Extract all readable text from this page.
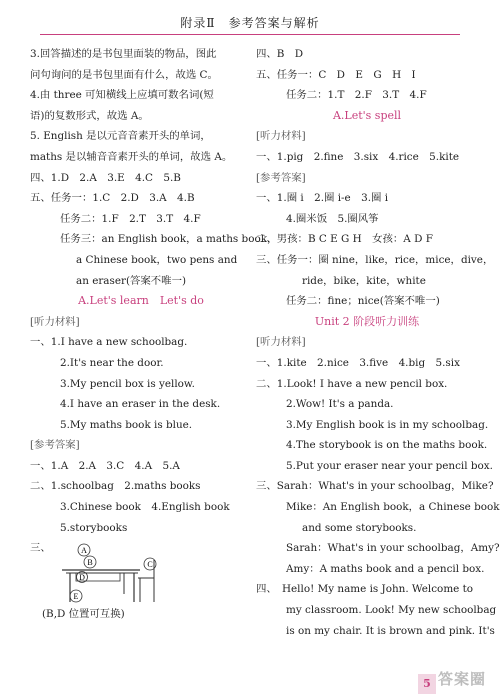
附录Ⅱ　参考答案与解析
3.回答描述的是书包里面装的物品，图此
问句询问的是书包里面有什么，故选 C。
4.由 three 可知横线上应填可数名词(短
语)的复数形式，故选 A。
5. English 是以元音音素开头的单词，
maths 是以辅音音素开头的单词，故选 A。
四、1.D　2.A　3.E　4.C　5.B
五、任务一：1.C　2.D　3.A　4.B
任务二：1.F　2.T　3.T　4.F
任务三：an English book，a maths book，
a Chinese book，two pens and
an eraser(答案不唯一)
A.Let's learn　Let's do
[听力材料]
一、1.I have a new schoolbag.
2.It's near the door.
3.My pencil box is yellow.
4.I have an eraser in the desk.
5.My maths book is blue.
[参考答案]
一、1.A　2.A　3.C　4.A　5.A
二、1.schoolbag　2.maths books
3.Chinese book　4.English book
5.storybooks
三、	A
B	C
D
E
(B,D 位置可互换)
四、B　D
五、任务一：C　D　E　G　H　I
任务二：1.T　2.F　3.T　4.F
A.Let's spell
[听力材料]
一、1.pig　2.fine　3.six　4.rice　5.kite
[参考答案]
一、1.圈 i　2.圈 i-e　3.圈 i
4.圈米饭　5.圈风筝
二、男孩：B C E G H　女孩：A D F
三、任务一：圈 nine，like，rice，mice，dive，
ride，bike，kite，white
任务二：fine；nice(答案不唯一)
Unit 2 阶段听力训练
[听力材料]
一、1.kite　2.nice　3.five　4.big　5.six
二、1.Look! I have a new pencil box.
2.Wow! It's a panda.
3.My English book is in my schoolbag.
4.The storybook is on the maths book.
5.Put your eraser near your pencil box.
三、Sarah：What's in your schoolbag，Mike?
Mike：An English book，a Chinese book
and some storybooks.
Sarah：What's in your schoolbag，Amy?
Amy：A maths book and a pencil box.
四、　Hello! My name is John. Welcome to
my classroom. Look! My new schoolbag
is on my chair. It is brown and pink. It's
5 答案圈
